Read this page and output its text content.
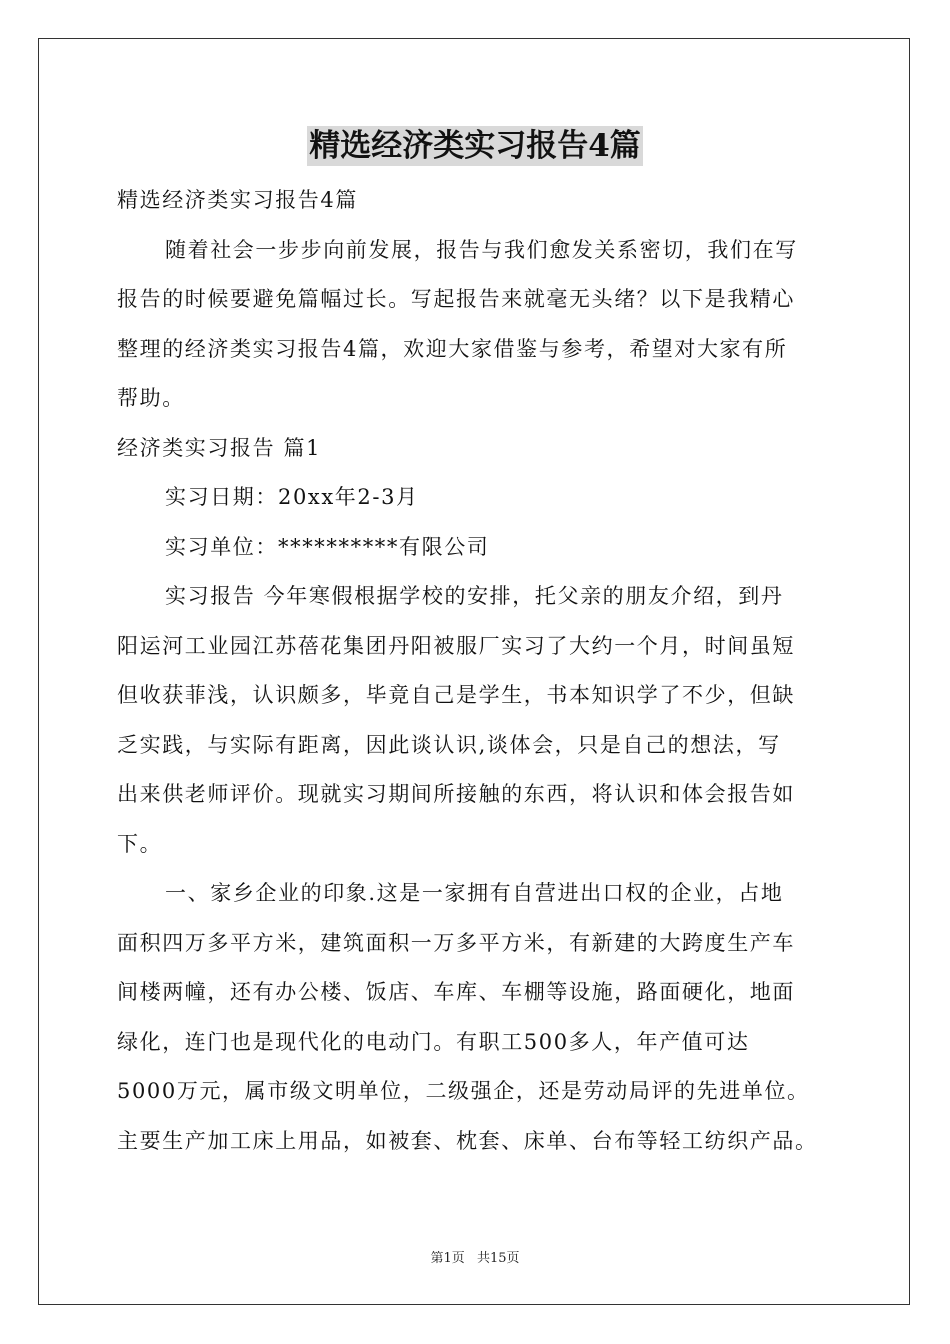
精选经济类实习报告4篇
精选经济类实习报告4篇
随着社会一步步向前发展，报告与我们愈发关系密切，我们在写
报告的时候要避免篇幅过长。写起报告来就毫无头绪？以下是我精心
整理的经济类实习报告4篇，欢迎大家借鉴与参考，希望对大家有所
帮助。
经济类实习报告 篇1
实习日期：20xx年2-3月
实习单位：**********有限公司
实习报告 今年寒假根据学校的安排，托父亲的朋友介绍，到丹
阳运河工业园江苏蓓花集团丹阳被服厂实习了大约一个月，时间虽短
但收获菲浅，认识颇多，毕竟自己是学生，书本知识学了不少，但缺
乏实践，与实际有距离，因此谈认识,谈体会，只是自己的想法，写
出来供老师评价。现就实习期间所接触的东西，将认识和体会报告如
下。
一、家乡企业的印象.这是一家拥有自营进出口权的企业，占地
面积四万多平方米，建筑面积一万多平方米，有新建的大跨度生产车
间楼两幢，还有办公楼、饭店、车库、车棚等设施，路面硬化，地面
绿化，连门也是现代化的电动门。有职工500多人，年产值可达
5000万元，属市级文明单位，二级强企，还是劳动局评的先进单位。
主要生产加工床上用品，如被套、枕套、床单、台布等轻工纺织产品。
第1页 共15页
